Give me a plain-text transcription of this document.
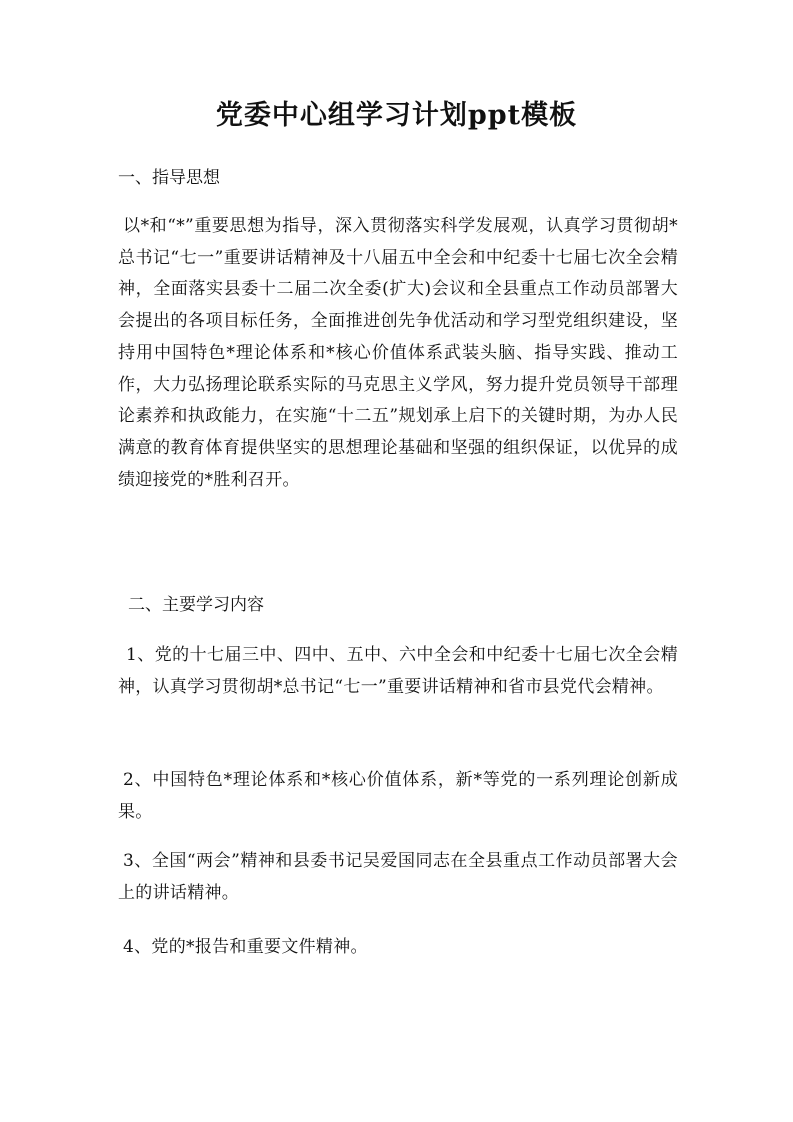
党委中心组学习计划ppt模板
一、指导思想
以*和“*”重要思想为指导，深入贯彻落实科学发展观，认真学习贯彻胡*总书记“七一”重要讲话精神及十八届五中全会和中纪委十七届七次全会精神，全面落实县委十二届二次全委(扩大)会议和全县重点工作动员部署大会提出的各项目标任务，全面推进创先争优活动和学习型党组织建设，坚持用中国特色*理论体系和*核心价值体系武装头脑、指导实践、推动工作，大力弘扬理论联系实际的马克思主义学风，努力提升党员领导干部理论素养和执政能力，在实施“十二五”规划承上启下的关键时期，为办人民满意的教育体育提供坚实的思想理论基础和坚强的组织保证，以优异的成绩迎接党的*胜利召开。
二、主要学习内容
1、党的十七届三中、四中、五中、六中全会和中纪委十七届七次全会精神，认真学习贯彻胡*总书记“七一”重要讲话精神和省市县党代会精神。
2、中国特色*理论体系和*核心价值体系，新*等党的一系列理论创新成果。
3、全国“两会”精神和县委书记吴爱国同志在全县重点工作动员部署大会上的讲话精神。
4、党的*报告和重要文件精神。
